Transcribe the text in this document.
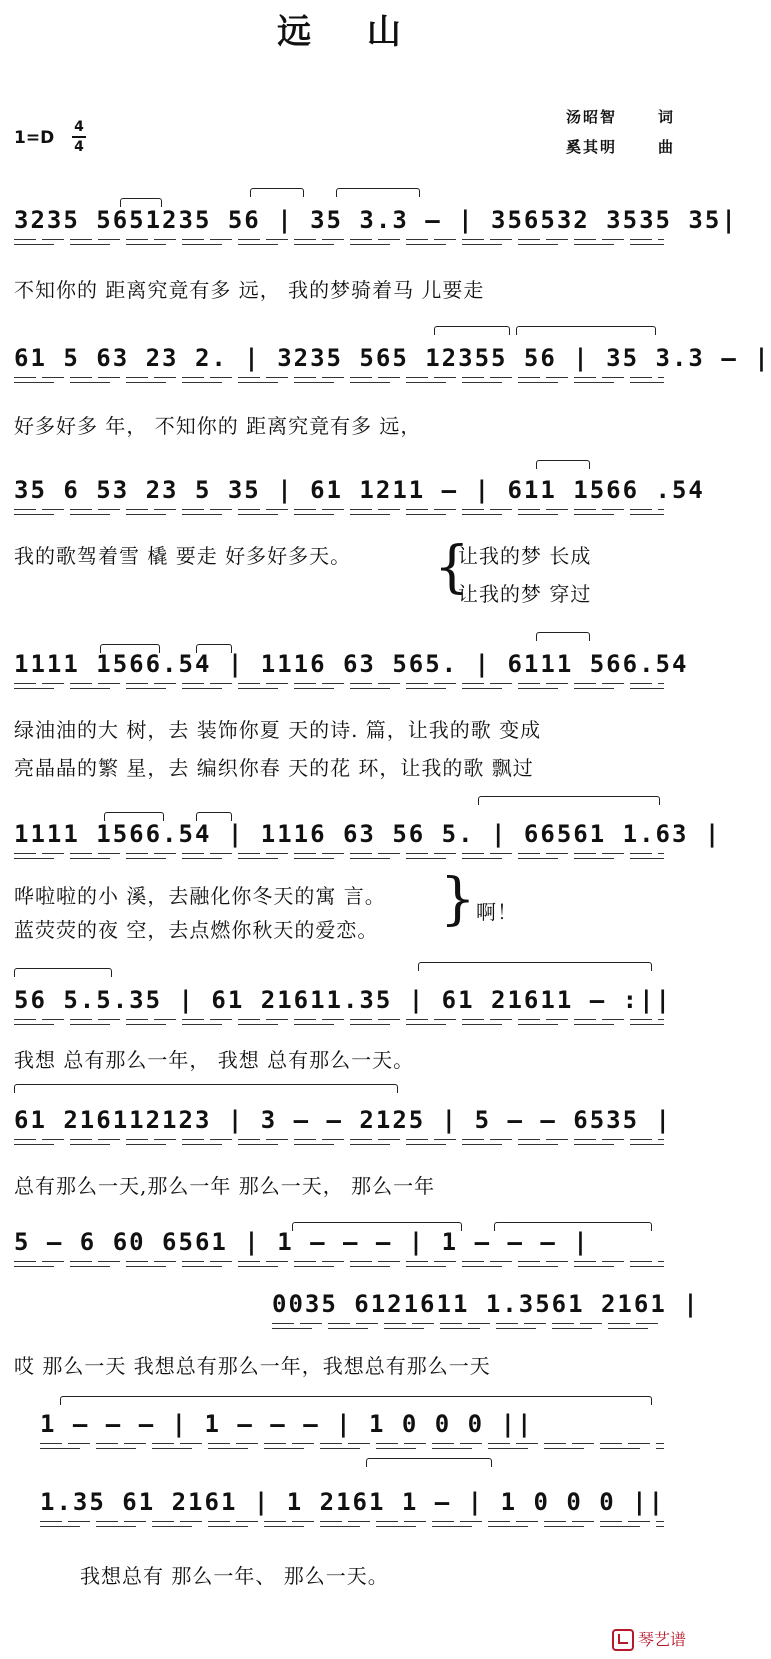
远 山
$1=D \frac{4}{4}$
汤昭智	词
奚其明	曲
3235 5651235 56 | 35 3.3 — | 356532 3535 35|
不知你的 距离究竟有多 远， 我的梦骑着马 儿要走
61 5 63 23 2. | 3235 565 12355 56 | 35 3.3 — |
好多好多 年， 不知你的 距离究竟有多 远，
35 6 53 23 5 35 | 61 1211 — | 611 1566 .54
我的歌驾着雪 橇 要走 好多好多天。	{
让我的梦 长成
让我的梦 穿过
1111 1566.54 | 1116 63 565. | 6111 566.54
绿油油的大 树，去 装饰你夏 天的诗. 篇，让我的歌 变成
亮晶晶的繁 星，去 编织你春 天的花 环，让我的歌 飘过
1111 1566.54 | 1116 63 56 5. | 66561 1.63 |
哗啦啦的小 溪，去融化你冬天的寓 言。
蓝荧荧的夜 空，去点燃你秋天的爱恋。	} 啊！
56 5.5.35 | 61 21611.35 | 61 21611 — :||
我想 总有那么一年， 我想 总有那么一天。
61 216112123 | 3 — — 2125 | 5 — — 6535 |
总有那么一天,那么一年 那么一天， 那么一年
5 — 6 60 6561 | 1 — — — | 1 — — — |
0035 6121611 1.3561 2161 |
哎 那么一天 我想总有那么一年，我想总有那么一天
1 — — — | 1 — — — | 1 0 0 0 ||
1.35 61 2161 | 1 2161 1 — | 1 0 0 0 ||
我想总有 那么一年、 那么一天。
琴艺谱
